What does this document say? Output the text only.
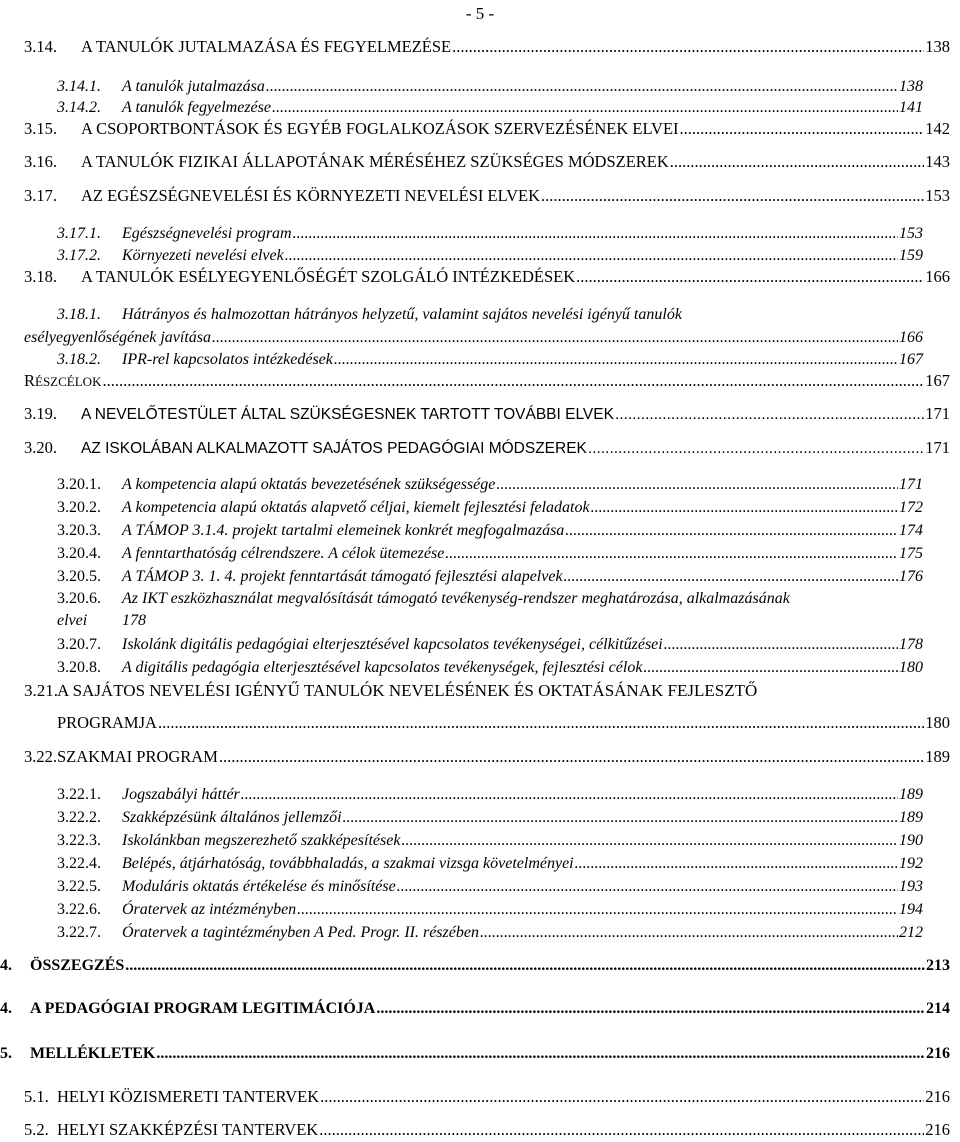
- 5 -
3.14.	A TANULÓK JUTALMAZÁSA ÉS FEGYELMEZÉSE .....	138
3.14.1.	A tanulók jutalmazása .....	138
3.14.2.	A tanulók fegyelmezése .....	141
3.15.	A CSOPORTBONTÁSOK ÉS EGYÉB FOGLALKOZÁSOK SZERVEZÉSÉNEK ELVEI .....	142
3.16.	A TANULÓK FIZIKAI ÁLLAPOTÁNAK MÉRÉSÉHEZ SZÜKSÉGES MÓDSZEREK .....	143
3.17.	AZ EGÉSZSÉGNEVELÉSI ÉS KÖRNYEZETI NEVELÉSI ELVEK .....	153
3.17.1.	Egészségnevelési program .....	153
3.17.2.	Környezeti nevelési elvek .....	159
3.18.	A TANULÓK ESÉLYEGYENLŐSÉGÉT SZOLGÁLÓ INTÉZKEDÉSEK .....	166
3.18.1. Hátrányos és halmozottan hátrányos helyzetű, valamint sajátos nevelési igényű tanulók
esélyegyenlőségének javítása .....	166
3.18.2.	IPR-rel kapcsolatos intézkedések .....	167
RÉSZCÉLOK .....	167
3.19.	A NEVELŐTESTÜLET ÁLTAL SZÜKSÉGESNEK TARTOTT TOVÁBBI ELVEK .....	171
3.20.	AZ ISKOLÁBAN ALKALMAZOTT SAJÁTOS PEDAGÓGIAI MÓDSZEREK .....	171
3.20.1.	A kompetencia alapú oktatás bevezetésének szükségessége .....	171
3.20.2.	A kompetencia alapú oktatás alapvető céljai, kiemelt fejlesztési feladatok .....	172
3.20.3.	A TÁMOP 3.1.4. projekt tartalmi elemeinek konkrét megfogalmazása .....	174
3.20.4.	A fenntarthatóság célrendszere. A célok ütemezése .....	175
3.20.5.	A TÁMOP 3. 1. 4. projekt fenntartását támogató fejlesztési alapelvek .....	176
3.20.6. Az IKT eszközhasználat megvalósítását támogató tevékenység-rendszer meghatározása, alkalmazásának
elvei 178
3.20.7.	Iskolánk digitális pedagógiai elterjesztésével kapcsolatos tevékenységei, célkitűzései .....	178
3.20.8.	A digitális pedagógia elterjesztésével kapcsolatos tevékenységek, fejlesztési célok .....	180
3.21. A SAJÁTOS NEVELÉSI IGÉNYŰ TANULÓK NEVELÉSÉNEK ÉS OKTATÁSÁNAK FEJLESZTŐ
PROGRAMJA .....	180
3.22. SZAKMAI PROGRAM .....	189
3.22.1.	Jogszabályi háttér .....	189
3.22.2.	Szakképzésünk általános jellemzői .....	189
3.22.3.	Iskolánkban megszerezhető szakképesítések .....	190
3.22.4.	Belépés, átjárhatóság, továbbhaladás, a szakmai vizsga követelményei .....	192
3.22.5.	Moduláris oktatás értékelése és minősítése .....	193
3.22.6.	Óratervek az intézményben .....	194
3.22.7.	Óratervek a tagintézményben A Ped. Progr. II. részében .....	212
4.	ÖSSZEGZÉS .....	213
4.	A PEDAGÓGIAI PROGRAM LEGITIMÁCIÓJA .....	214
5.	MELLÉKLETEK .....	216
5.1. HELYI KÖZISMERETI TANTERVEK .....	216
5.2. HELYI SZAKKÉPZÉSI TANTERVEK .....	216
